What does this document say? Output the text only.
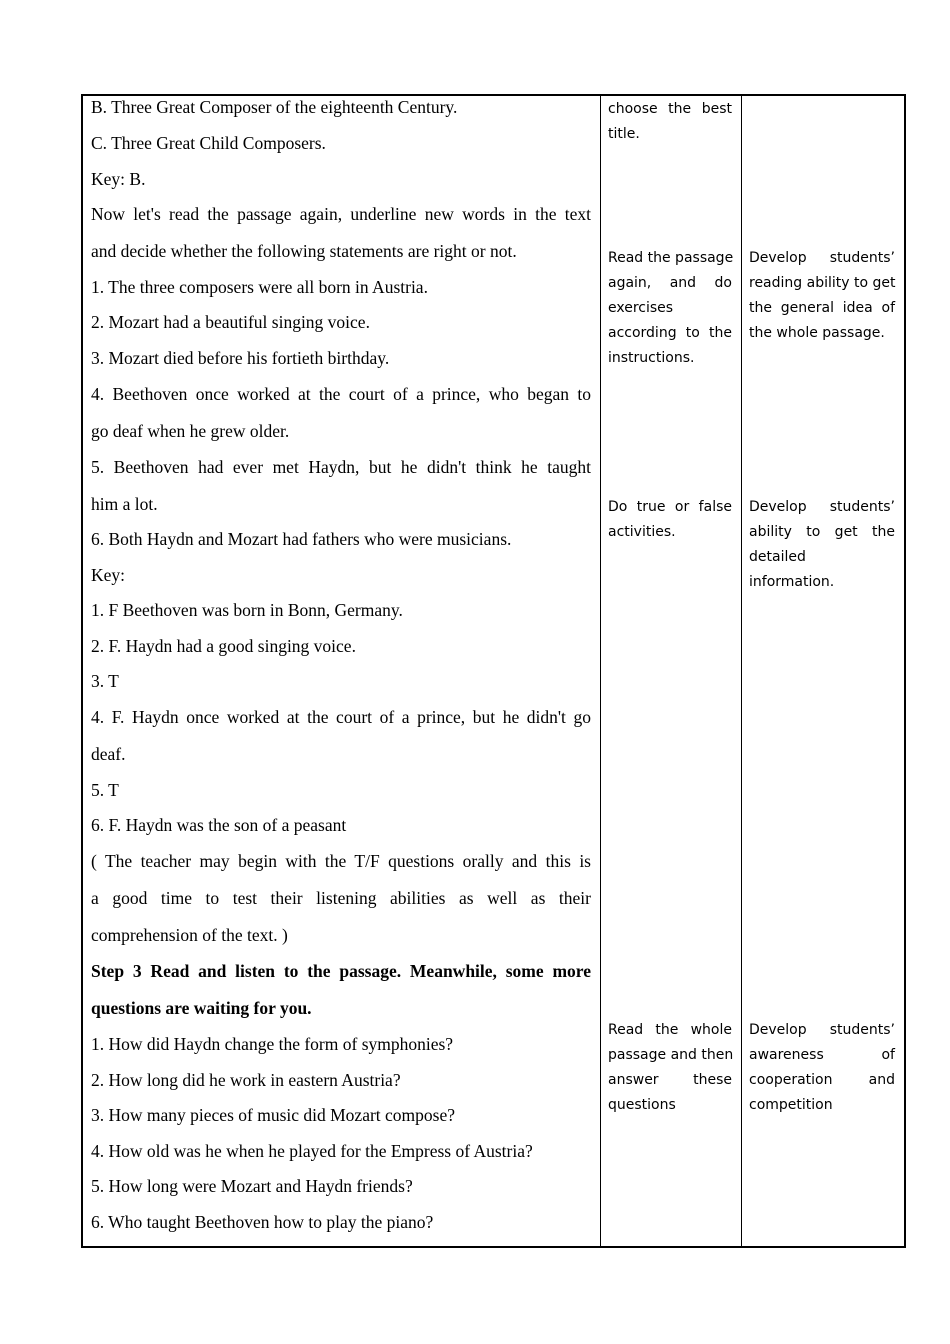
B. Three Great Composer of the eighteenth Century.
C. Three Great Child Composers.
Key: B.
Now let's read the passage again, underline new words in the text
and decide whether the following statements are right or not.
1. The three composers were all born in Austria.
2. Mozart had a beautiful singing voice.
3. Mozart died before his fortieth birthday.
4. Beethoven once worked at the court of a prince, who began to
go deaf when he grew older.
5. Beethoven had ever met Haydn, but he didn't think he taught
him a lot.
6. Both Haydn and Mozart had fathers who were musicians.
Key:
1. F Beethoven was born in Bonn, Germany.
2. F. Haydn had a good singing voice.
3. T
4. F. Haydn once worked at the court of a prince, but he didn't go
deaf.
5. T
6. F. Haydn was the son of a peasant
( The teacher may begin with the T/F questions orally and this is
a good time to test their listening abilities as well as their
comprehension of the text. )
Step 3 Read and listen to the passage. Meanwhile, some more
questions are waiting for you.
1. How did Haydn change the form of symphonies?
2. How long did he work in eastern Austria?
3. How many pieces of music did Mozart compose?
4. How old was he when he played for the Empress of Austria?
5. How long were Mozart and Haydn friends?
6. Who taught Beethoven how to play the piano?
choose the best
title.
Read the passage
again, and do
exercises
according to the
instructions.
Do true or false
activities.
Read the whole
passage and then
answer these
questions
Develop students’
reading ability to get
the general idea of
the whole passage.
Develop students’
ability to get the
detailed
information.
Develop students’
awareness of
cooperation and
competition
